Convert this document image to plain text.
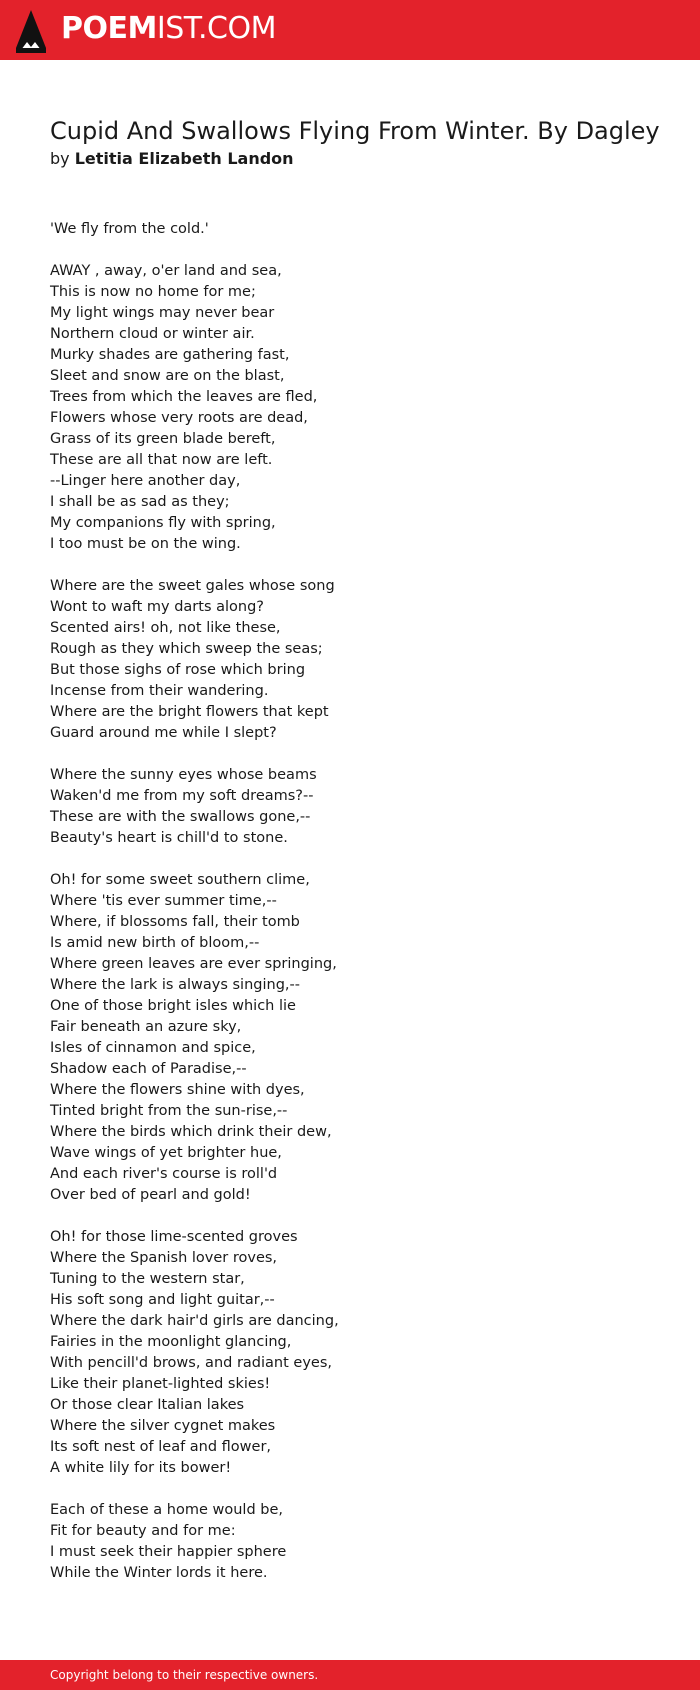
POEMIST.COM
Cupid And Swallows Flying From Winter. By Dagley
by Letitia Elizabeth Landon
'We fly from the cold.'
AWAY , away, o'er land and sea,
This is now no home for me;
My light wings may never bear
Northern cloud or winter air.
Murky shades are gathering fast,
Sleet and snow are on the blast,
Trees from which the leaves are fled,
Flowers whose very roots are dead,
Grass of its green blade bereft,
These are all that now are left.
--Linger here another day,
I shall be as sad as they;
My companions fly with spring,
I too must be on the wing.
Where are the sweet gales whose song
Wont to waft my darts along?
Scented airs! oh, not like these,
Rough as they which sweep the seas;
But those sighs of rose which bring
Incense from their wandering.
Where are the bright flowers that kept
Guard around me while I slept?
Where the sunny eyes whose beams
Waken'd me from my soft dreams?--
These are with the swallows gone,--
Beauty's heart is chill'd to stone.
Oh! for some sweet southern clime,
Where 'tis ever summer time,--
Where, if blossoms fall, their tomb
Is amid new birth of bloom,--
Where green leaves are ever springing,
Where the lark is always singing,--
One of those bright isles which lie
Fair beneath an azure sky,
Isles of cinnamon and spice,
Shadow each of Paradise,--
Where the flowers shine with dyes,
Tinted bright from the sun-rise,--
Where the birds which drink their dew,
Wave wings of yet brighter hue,
And each river's course is roll'd
Over bed of pearl and gold!
Oh! for those lime-scented groves
Where the Spanish lover roves,
Tuning to the western star,
His soft song and light guitar,--
Where the dark hair'd girls are dancing,
Fairies in the moonlight glancing,
With pencill'd brows, and radiant eyes,
Like their planet-lighted skies!
Or those clear Italian lakes
Where the silver cygnet makes
Its soft nest of leaf and flower,
A white lily for its bower!
Each of these a home would be,
Fit for beauty and for me:
I must seek their happier sphere
While the Winter lords it here.
Copyright belong to their respective owners.
